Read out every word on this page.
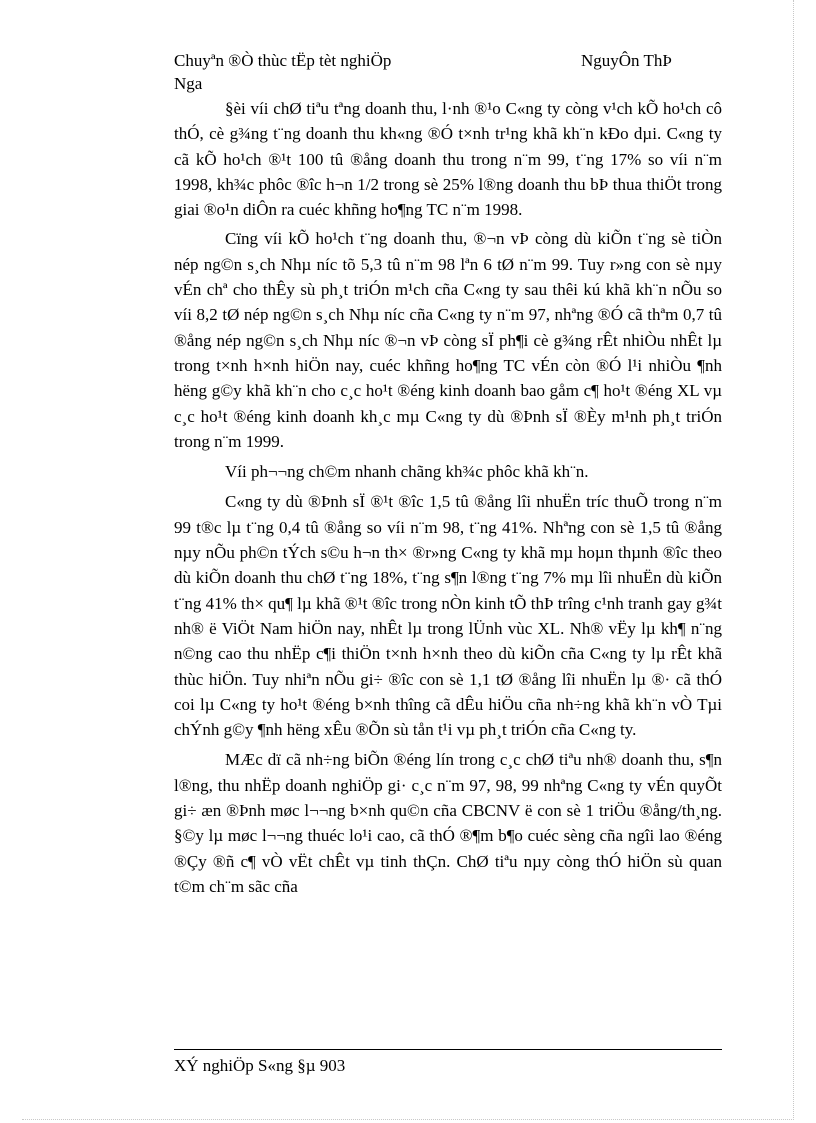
Chuyªn ®Ò thùc tËp tèt nghiÖp	NguyÔn ThÞ
Nga

§èi víi chØ tiªu tªng doanh thu, l·nh ®¹o C«ng ty còng v¹ch kÕ ho¹ch cô thÓ, cè g¾ng t¨ng doanh thu kh«ng ®Ó t×nh tr¹ng khã kh¨n kÐo dµi. C«ng ty cã kÕ ho¹ch ®¹t 100 tû ®ång doanh thu trong n¨m 99, t¨ng 17% so víi n¨m 1998, kh¾c phôc ®îc h¬n 1/2 trong sè 25% l®ng doanh thu bÞ thua thiÖt trong giai ®o¹n diÔn ra cuéc khñng ho¶ng TC n¨m 1998.

Cïng víi kÕ ho¹ch t¨ng doanh thu, ®¬n vÞ còng dù kiÕn t¨ng sè tiÒn nép ng©n s¸ch Nhµ níc tõ 5,3 tû n¨m 98 lªn 6 tØ n¨m 99. Tuy r»ng con sè nµy vÉn chª cho thÊy sù ph¸t triÓn m¹ch cña C«ng ty sau thêi kú khã kh¨n nÕu so víi 8,2 tØ nép ng©n s¸ch Nhµ níc cña C«ng ty n¨m 97, nhªng ®Ó cã thªm 0,7 tû ®ång nép ng©n s¸ch Nhµ níc ®¬n vÞ còng sÏ ph¶i cè g¾ng rÊt nhiÒu nhÊt lµ trong t×nh h×nh hiÖn nay, cuéc khñng ho¶ng TC vÉn còn ®Ó l¹i nhiÒu ¶nh hëng g©y khã kh¨n cho c¸c ho¹t ®éng kinh doanh bao gåm c¶ ho¹t ®éng XL vµ c¸c ho¹t ®éng kinh doanh kh¸c mµ C«ng ty dù ®Þnh sÏ ®Èy m¹nh ph¸t triÓn trong n¨m 1999.

Víi ph¬¬ng ch©m nhanh chãng kh¾c phôc khã kh¨n.

C«ng ty dù ®Þnh sÏ ®¹t ®îc 1,5 tû ®ång lîi nhuËn tríc thuÕ trong n¨m 99 t®c lµ t¨ng 0,4 tû ®ång so víi n¨m 98, t¨ng 41%. Nhªng con sè 1,5 tû ®ång nµy nÕu ph©n tÝch s©u h¬n th× ®r»ng C«ng ty khã mµ hoµn thµnh ®îc theo dù kiÕn doanh thu chØ t¨ng 18%, t¨ng s¶n l®ng t¨ng 7% mµ lîi nhuËn dù kiÕn t¨ng 41% th× qu¶ lµ khã ®¹t ®îc trong nÒn kinh tÕ thÞ trîng c¹nh tranh gay g¾t nh® ë ViÖt Nam hiÖn nay, nhÊt lµ trong lÜnh vùc XL. Nh® vËy lµ kh¶ n¨ng n©ng cao thu nhËp c¶i thiÖn t×nh h×nh theo dù kiÕn cña C«ng ty lµ rÊt khã thùc hiÖn. Tuy nhiªn nÕu gi÷ ®îc con sè 1,1 tØ ®ång lîi nhuËn lµ ®· cã thÓ coi lµ C«ng ty ho¹t ®éng b×nh thîng cã dÊu hiÖu cña nh÷ng khã kh¨n vÒ Tµi chÝnh g©y ¶nh hëng xÊu ®Õn sù tån t¹i vµ ph¸t triÓn cña C«ng ty.

MÆc dï cã nh÷ng biÕn ®éng lín trong c¸c chØ tiªu nh® doanh thu, s¶n l®ng, thu nhËp doanh nghiÖp gi· c¸c n¨m 97, 98, 99 nhªng C«ng ty vÉn quyÕt gi÷ æn ®Þnh møc l¬¬ng b×nh qu©n cña CBCNV ë con sè 1 triÖu ®ång/th¸ng. §©y lµ møc l¬¬ng thuéc lo¹i cao, cã thÓ ®¶m b¶o cuéc sèng cña ngîi lao ®éng ®Çy ®ñ c¶ vÒ vËt chÊt vµ tinh thÇn. ChØ tiªu nµy còng thÓ hiÖn sù quan t©m ch¨m sãc cña

XÝ nghiÖp S«ng §µ 903
